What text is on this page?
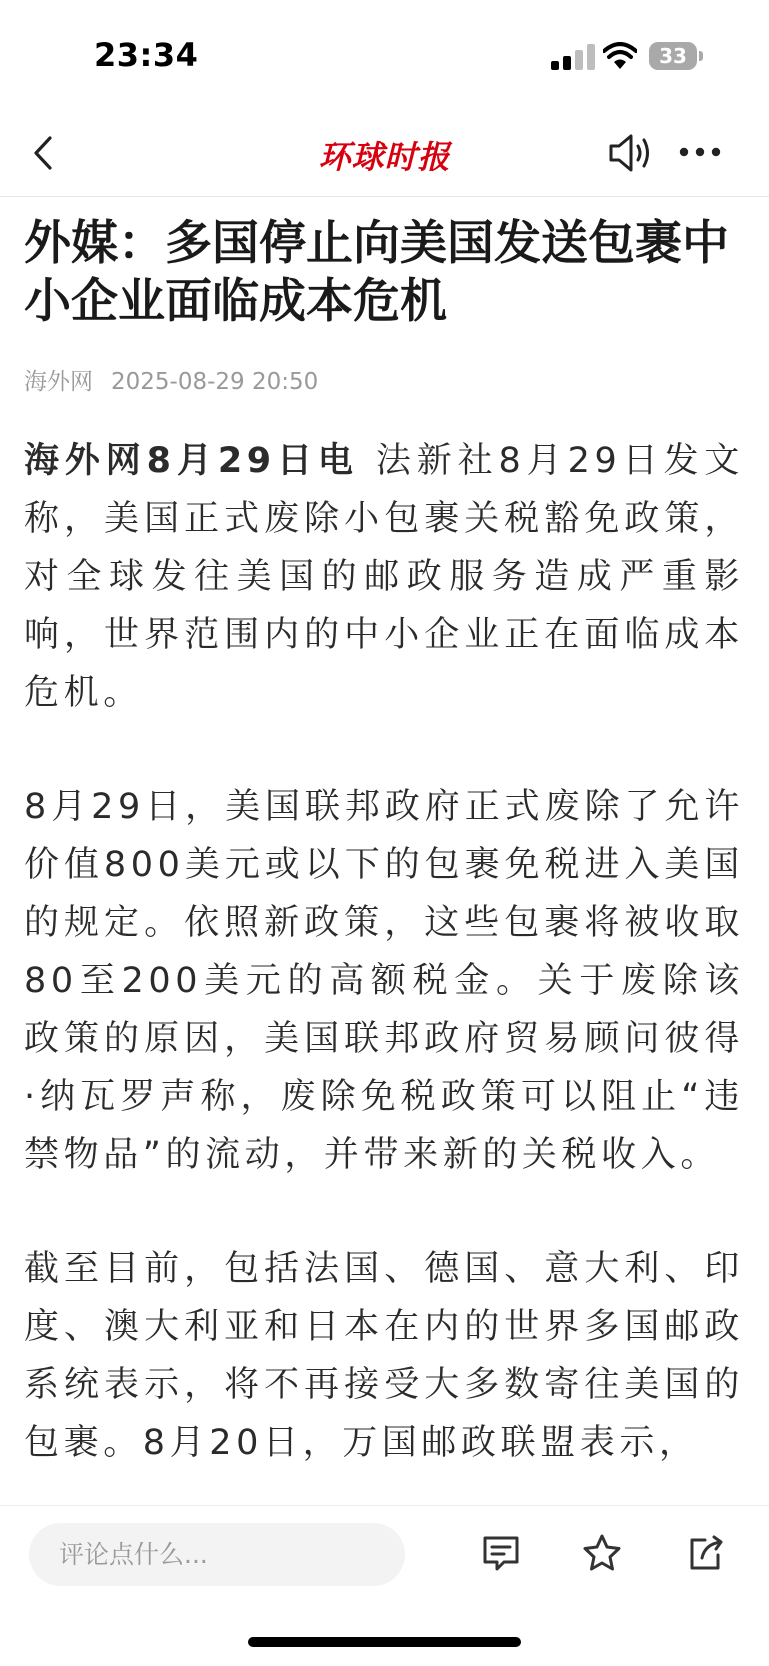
23:34	33
环球时报
外媒：多国停止向美国发送包裹中小企业面临成本危机
海外网 2025-08-29 20:50

海外网8月29日电 法新社8月29日发文称，美国正式废除小包裹关税豁免政策，对全球发往美国的邮政服务造成严重影响，世界范围内的中小企业正在面临成本危机。

8月29日，美国联邦政府正式废除了允许价值800美元或以下的包裹免税进入美国的规定。依照新政策，这些包裹将被收取80至200美元的高额税金。关于废除该政策的原因，美国联邦政府贸易顾问彼得·纳瓦罗声称，废除免税政策可以阻止“违禁物品”的流动，并带来新的关税收入。

截至目前，包括法国、德国、意大利、印度、澳大利亚和日本在内的世界多国邮政系统表示，将不再接受大多数寄往美国的包裹。8月20日，万国邮政联盟表示，

评论点什么...
